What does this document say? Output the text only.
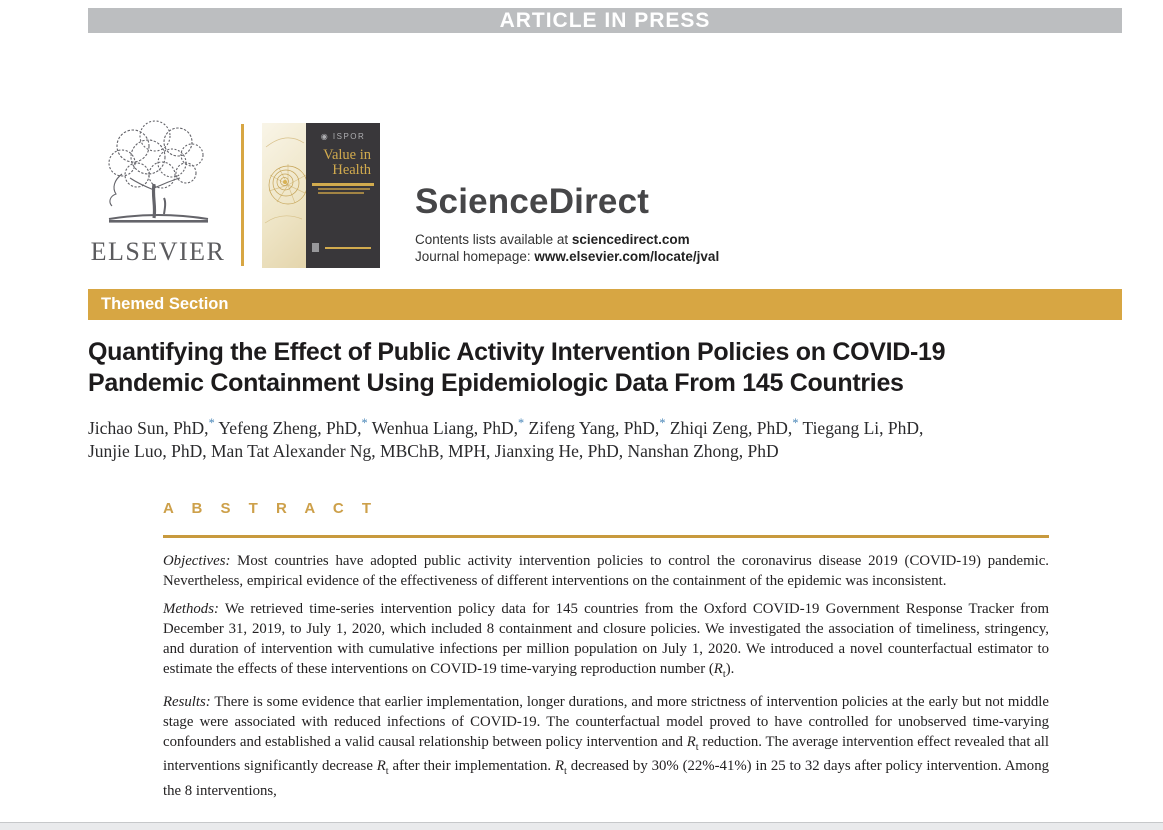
ARTICLE IN PRESS
ELSEVIER
◉ ISPOR
Value in
Health
ScienceDirect
Contents lists available at sciencedirect.com
Journal homepage: www.elsevier.com/locate/jval
Themed Section
Quantifying the Effect of Public Activity Intervention Policies on COVID-19
Pandemic Containment Using Epidemiologic Data From 145 Countries
Jichao Sun, PhD,* Yefeng Zheng, PhD,* Wenhua Liang, PhD,* Zifeng Yang, PhD,* Zhiqi Zeng, PhD,* Tiegang Li, PhD,
Junjie Luo, PhD, Man Tat Alexander Ng, MBChB, MPH, Jianxing He, PhD, Nanshan Zhong, PhD
A B S T R A C T

Objectives: Most countries have adopted public activity intervention policies to control the coronavirus disease 2019 (COVID-19) pandemic. Nevertheless, empirical evidence of the effectiveness of different interventions on the containment of the epidemic was inconsistent.

Methods: We retrieved time-series intervention policy data for 145 countries from the Oxford COVID-19 Government Response Tracker from December 31, 2019, to July 1, 2020, which included 8 containment and closure policies. We investigated the association of timeliness, stringency, and duration of intervention with cumulative infections per million population on July 1, 2020. We introduced a novel counterfactual estimator to estimate the effects of these interventions on COVID-19 time-varying reproduction number $(R_t)$.

Results: There is some evidence that earlier implementation, longer durations, and more strictness of intervention policies at the early but not middle stage were associated with reduced infections of COVID-19. The counterfactual model proved to have controlled for unobserved time-varying confounders and established a valid causal relationship between policy intervention and $R_t$ reduction. The average intervention effect revealed that all interventions significantly decrease $R_t$ after their implementation. $R_t$ decreased by 30% (22%-41%) in 25 to 32 days after policy intervention. Among the 8 interventions,
